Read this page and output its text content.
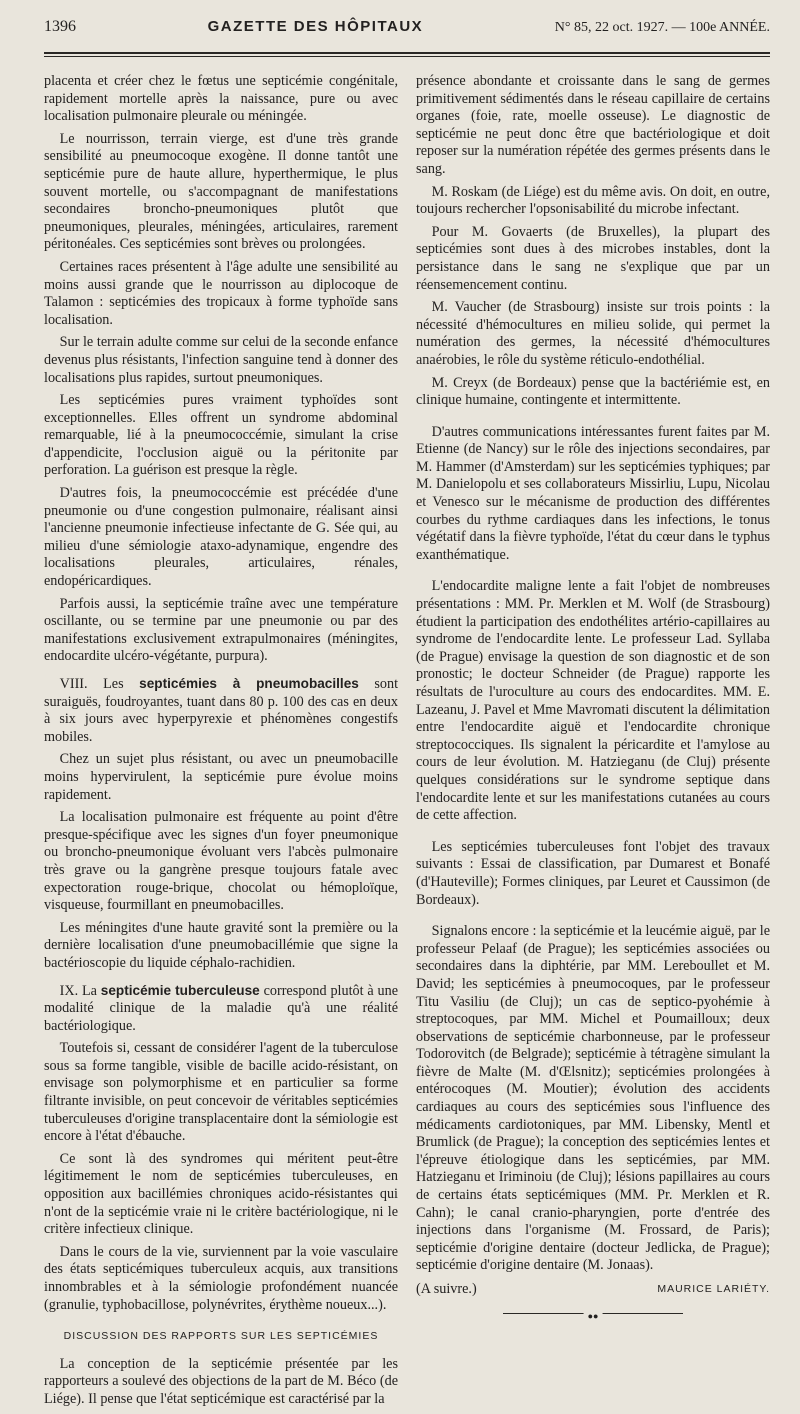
1396	GAZETTE DES HÔPITAUX	N° 85, 22 oct. 1927. — 100e ANNÉE.

placenta et créer chez le fœtus une septicémie congénitale, rapidement mortelle après la naissance, pure ou avec localisation pulmonaire pleurale ou méningée.

Le nourrisson, terrain vierge, est d'une très grande sensibilité au pneumocoque exogène. Il donne tantôt une septicémie pure de haute allure, hyperthermique, le plus souvent mortelle, ou s'accompagnant de manifestations secondaires broncho-pneumoniques plutôt que pneumoniques, pleurales, méningées, articulaires, rarement péritonéales. Ces septicémies sont brèves ou prolongées.

Certaines races présentent à l'âge adulte une sensibilité au moins aussi grande que le nourrisson au diplocoque de Talamon : septicémies des tropicaux à forme typhoïde sans localisation.

Sur le terrain adulte comme sur celui de la seconde enfance devenus plus résistants, l'infection sanguine tend à donner des localisations plus rapides, surtout pneumoniques.

Les septicémies pures vraiment typhoïdes sont exceptionnelles. Elles offrent un syndrome abdominal remarquable, lié à la pneumococcémie, simulant la crise d'appendicite, l'occlusion aiguë ou la péritonite par perforation. La guérison est presque la règle.

D'autres fois, la pneumococcémie est précédée d'une pneumonie ou d'une congestion pulmonaire, réalisant ainsi l'ancienne pneumonie infectieuse infectante de G. Sée qui, au milieu d'une sémiologie ataxo-adynamique, engendre des localisations pleurales, articulaires, rénales, endopéricardiques.

Parfois aussi, la septicémie traîne avec une température oscillante, ou se termine par une pneumonie ou par des manifestations exclusivement extrapulmonaires (méningites, endocardite ulcéro-végétante, purpura).

VIII. Les septicémies à pneumobacilles sont suraiguës, foudroyantes, tuant dans 80 p. 100 des cas en deux à six jours avec hyperpyrexie et phénomènes congestifs mobiles.

Chez un sujet plus résistant, ou avec un pneumobacille moins hypervirulent, la septicémie pure évolue moins rapidement.

La localisation pulmonaire est fréquente au point d'être presque-spécifique avec les signes d'un foyer pneumonique ou broncho-pneumonique évoluant vers l'abcès pulmonaire très grave ou la gangrène presque toujours fatale avec expectoration rouge-brique, chocolat ou hémoploïque, visqueuse, fourmillant en pneumobacilles.

Les méningites d'une haute gravité sont la première ou la dernière localisation d'une pneumobacillémie que signe la bactérioscopie du liquide céphalo-rachidien.

IX. La septicémie tuberculeuse correspond plutôt à une modalité clinique de la maladie qu'à une réalité bactériologique.

Toutefois si, cessant de considérer l'agent de la tuberculose sous sa forme tangible, visible de bacille acido-résistant, on envisage son polymorphisme et en particulier sa forme filtrante invisible, on peut concevoir de véritables septicémies tuberculeuses d'origine transplacentaire dont la sémiologie est encore à l'état d'ébauche.

Ce sont là des syndromes qui méritent peut-être légitimement le nom de septicémies tuberculeuses, en opposition aux bacillémies chroniques acido-résistantes qui n'ont de la septicémie vraie ni le critère bactériologique, ni le critère infectieux clinique.

Dans le cours de la vie, surviennent par la voie vasculaire des états septicémiques tuberculeux acquis, aux transitions innombrables et à la sémiologie profondément nuancée (granulie, typhobacillose, polynévrites, érythème noueux...).

DISCUSSION DES RAPPORTS SUR LES SEPTICÉMIES

La conception de la septicémie présentée par les rapporteurs a soulevé des objections de la part de M. Béco (de Liége). Il pense que l'état septicémique est caractérisé par la

présence abondante et croissante dans le sang de germes primitivement sédimentés dans le réseau capillaire de certains organes (foie, rate, moelle osseuse). Le diagnostic de septicémie ne peut donc être que bactériologique et doit reposer sur la numération répétée des germes présents dans le sang.

M. Roskam (de Liége) est du même avis. On doit, en outre, toujours rechercher l'opsonisabilité du microbe infectant.

Pour M. Govaerts (de Bruxelles), la plupart des septicémies sont dues à des microbes instables, dont la persistance dans le sang ne s'explique que par un réensemencement continu.

M. Vaucher (de Strasbourg) insiste sur trois points : la nécessité d'hémocultures en milieu solide, qui permet la numération des germes, la nécessité d'hémocultures anaérobies, le rôle du système réticulo-endothélial.

M. Creyx (de Bordeaux) pense que la bactériémie est, en clinique humaine, contingente et intermittente.

D'autres communications intéressantes furent faites par M. Etienne (de Nancy) sur le rôle des injections secondaires, par M. Hammer (d'Amsterdam) sur les septicémies typhiques; par M. Danielopolu et ses collaborateurs Missirliu, Lupu, Nicolau et Venesco sur le mécanisme de production des différentes courbes du rythme cardiaques dans les infections, le tonus végétatif dans la fièvre typhoïde, l'état du cœur dans le typhus exanthématique.

L'endocardite maligne lente a fait l'objet de nombreuses présentations : MM. Pr. Merklen et M. Wolf (de Strasbourg) étudient la participation des endothélites artério-capillaires au syndrome de l'endocardite lente. Le professeur Lad. Syllaba (de Prague) envisage la question de son diagnostic et de son pronostic; le docteur Schneider (de Prague) rapporte les résultats de l'uroculture au cours des endocardites. MM. E. Lazeanu, J. Pavel et Mme Mavromati discutent la délimitation entre l'endocardite aiguë et l'endocardite chronique streptococciques. Ils signalent la péricardite et l'amylose au cours de leur évolution. M. Hatzieganu (de Cluj) présente quelques considérations sur le syndrome septique dans l'endocardite lente et sur les manifestations cutanées au cours de cette affection.

Les septicémies tuberculeuses font l'objet des travaux suivants : Essai de classification, par Dumarest et Bonafé (d'Hauteville); Formes cliniques, par Leuret et Caussimon (de Bordeaux).

Signalons encore : la septicémie et la leucémie aiguë, par le professeur Pelaaf (de Prague); les septicémies associées ou secondaires dans la diphtérie, par MM. Lereboullet et M. David; les septicémies à pneumocoques, par le professeur Titu Vasiliu (de Cluj); un cas de septico-pyohémie à streptocoques, par MM. Michel et Poumailloux; deux observations de septicémie charbonneuse, par le professeur Todorovitch (de Belgrade); septicémie à tétragène simulant la fièvre de Malte (M. d'Œlsnitz); septicémies prolongées à entérocoques (M. Moutier); évolution des accidents cardiaques au cours des septicémies sous l'influence des médicaments cardiotoniques, par MM. Libensky, Mentl et Brumlick (de Prague); la conception des septicémies lentes et l'épreuve étiologique dans les septicémies, par MM. Hatzieganu et Iriminoiu (de Cluj); lésions papillaires au cours de certains états septicémiques (MM. Pr. Merklen et R. Cahn); le canal cranio-pharyngien, porte d'entrée des injections dans l'organisme (M. Frossard, de Paris); septicémie d'origine dentaire (docteur Jedlicka, de Prague); septicémie d'origine dentaire (M. Jonaas).

(A suivre.)	MAURICE LARIÉTY.
●●
